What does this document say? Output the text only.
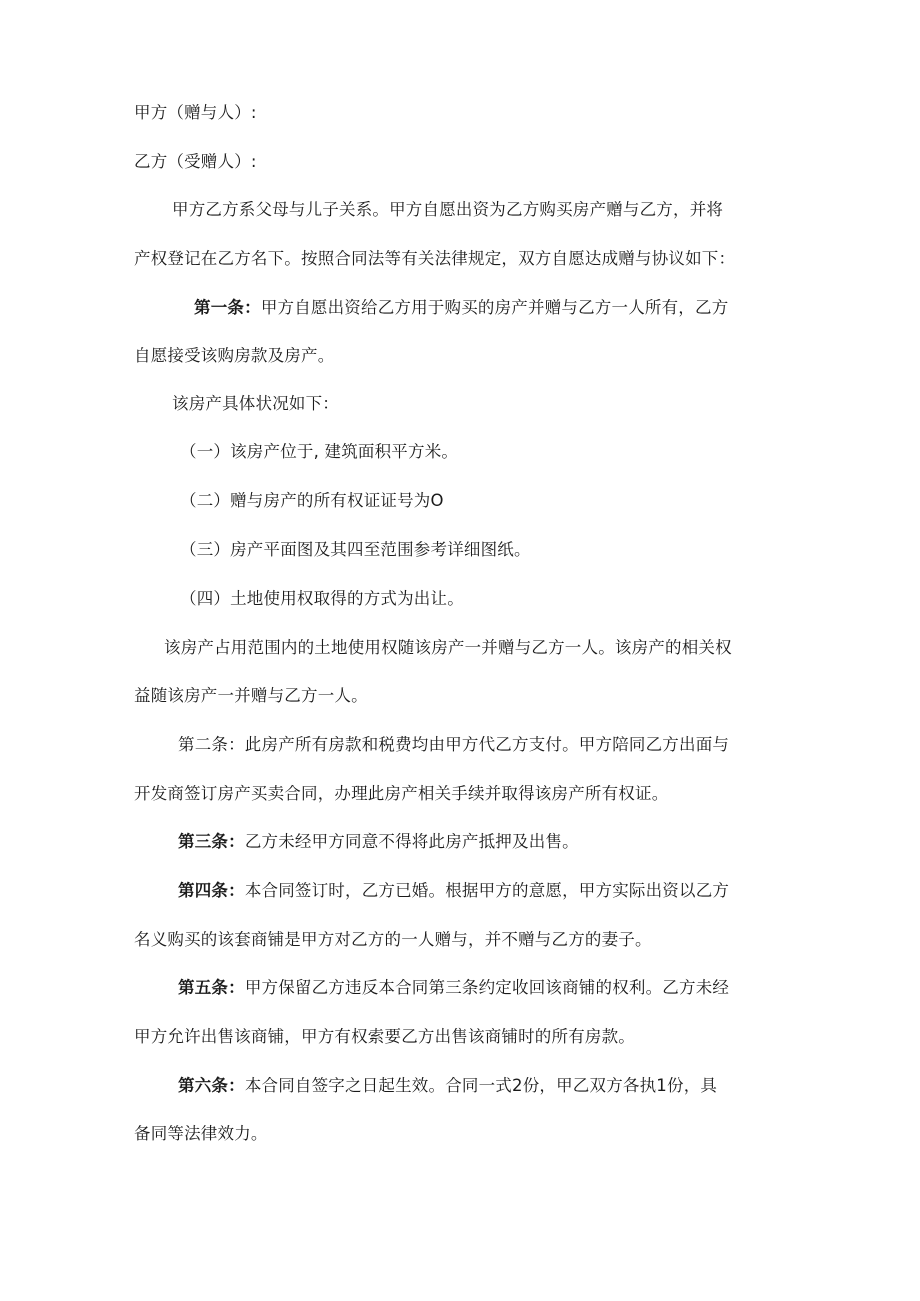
甲方（赠与人）:
乙方（受赠人）:
甲方乙方系父母与儿子关系。甲方自愿出资为乙方购买房产赠与乙方，并将
产权登记在乙方名下。按照合同法等有关法律规定，双方自愿达成赠与协议如下：
第一条：甲方自愿出资给乙方用于购买的房产并赠与乙方一人所有，乙方
自愿接受该购房款及房产。
该房产具体状况如下：
（一）该房产位于, 建筑面积平方米。
（二）赠与房产的所有权证证号为O
（三）房产平面图及其四至范围参考详细图纸。
（四）土地使用权取得的方式为出让。
该房产占用范围内的土地使用权随该房产一并赠与乙方一人。该房产的相关权
益随该房产一并赠与乙方一人。
第二条：此房产所有房款和税费均由甲方代乙方支付。甲方陪同乙方出面与
开发商签订房产买卖合同，办理此房产相关手续并取得该房产所有权证。
第三条：乙方未经甲方同意不得将此房产抵押及出售。
第四条：本合同签订时，乙方已婚。根据甲方的意愿，甲方实际出资以乙方
名义购买的该套商铺是甲方对乙方的一人赠与，并不赠与乙方的妻子。
第五条：甲方保留乙方违反本合同第三条约定收回该商铺的权利。乙方未经
甲方允许出售该商铺，甲方有权索要乙方出售该商铺时的所有房款。
第六条：本合同自签字之日起生效。合同一式2份，甲乙双方各执1份，具
备同等法律效力。
